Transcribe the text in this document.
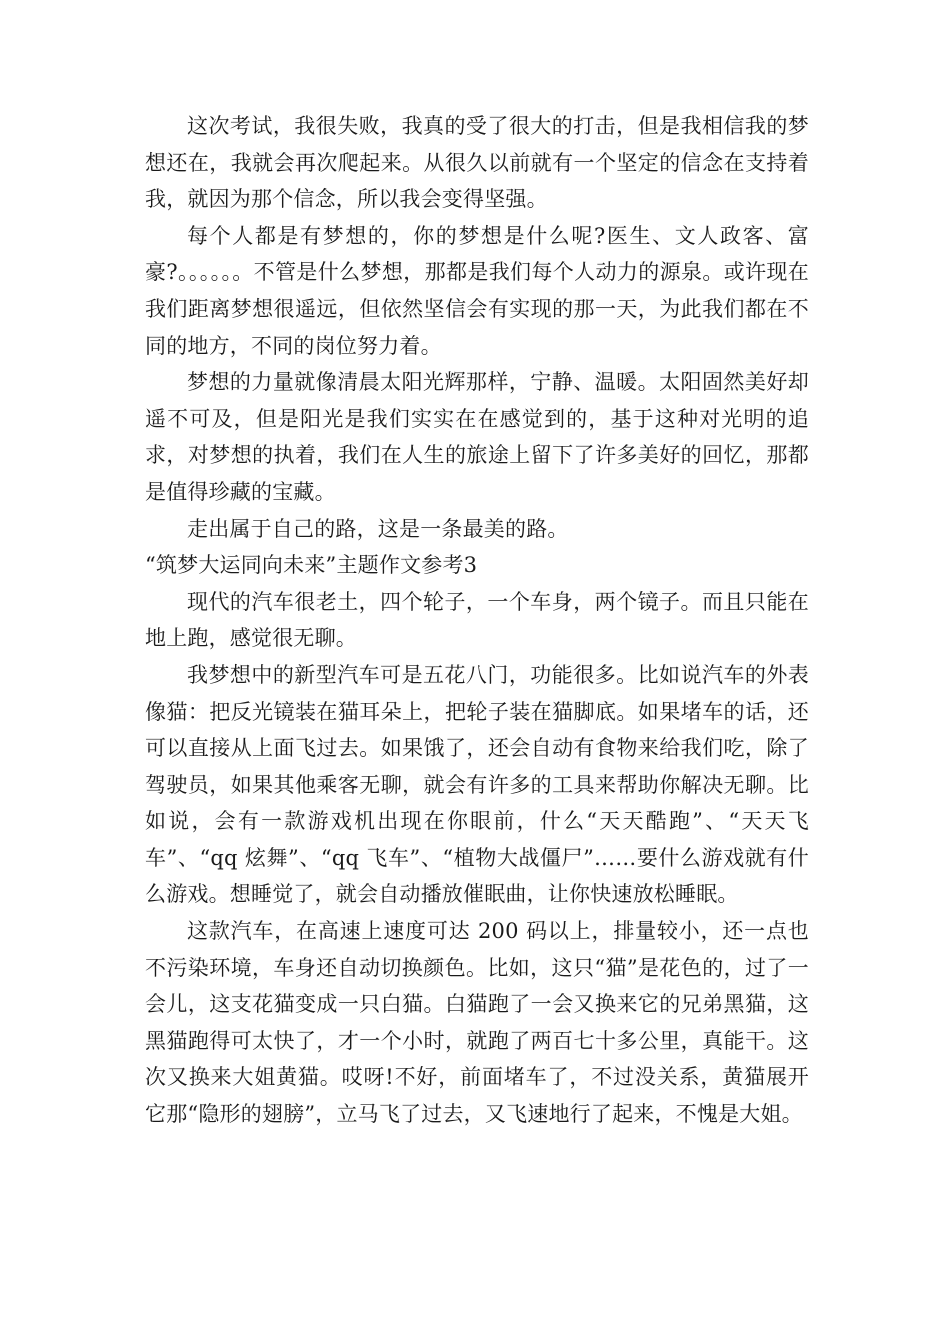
这次考试，我很失败，我真的受了很大的打击，但是我相信我的梦想还在，我就会再次爬起来。从很久以前就有一个坚定的信念在支持着我，就因为那个信念，所以我会变得坚强。

每个人都是有梦想的，你的梦想是什么呢?医生、文人政客、富豪?。。。。。。不管是什么梦想，那都是我们每个人动力的源泉。或许现在我们距离梦想很遥远，但依然坚信会有实现的那一天，为此我们都在不同的地方，不同的岗位努力着。

梦想的力量就像清晨太阳光辉那样，宁静、温暖。太阳固然美好却遥不可及，但是阳光是我们实实在在感觉到的，基于这种对光明的追求，对梦想的执着，我们在人生的旅途上留下了许多美好的回忆，那都是值得珍藏的宝藏。

走出属于自己的路，这是一条最美的路。

“筑梦大运同向未来”主题作文参考3

现代的汽车很老土，四个轮子，一个车身，两个镜子。而且只能在地上跑，感觉很无聊。

我梦想中的新型汽车可是五花八门，功能很多。比如说汽车的外表像猫：把反光镜装在猫耳朵上，把轮子装在猫脚底。如果堵车的话，还可以直接从上面飞过去。如果饿了，还会自动有食物来给我们吃，除了驾驶员，如果其他乘客无聊，就会有许多的工具来帮助你解决无聊。比如说，会有一款游戏机出现在你眼前，什么“天天酷跑”、“天天飞车”、“qq 炫舞”、“qq 飞车”、“植物大战僵尸”……要什么游戏就有什么游戏。想睡觉了，就会自动播放催眠曲，让你快速放松睡眠。

这款汽车，在高速上速度可达 200 码以上，排量较小，还一点也不污染环境，车身还自动切换颜色。比如，这只“猫”是花色的，过了一会儿，这支花猫变成一只白猫。白猫跑了一会又换来它的兄弟黑猫，这黑猫跑得可太快了，才一个小时，就跑了两百七十多公里，真能干。这次又换来大姐黄猫。哎呀!不好，前面堵车了，不过没关系，黄猫展开它那“隐形的翅膀”，立马飞了过去，又飞速地行了起来，不愧是大姐。
